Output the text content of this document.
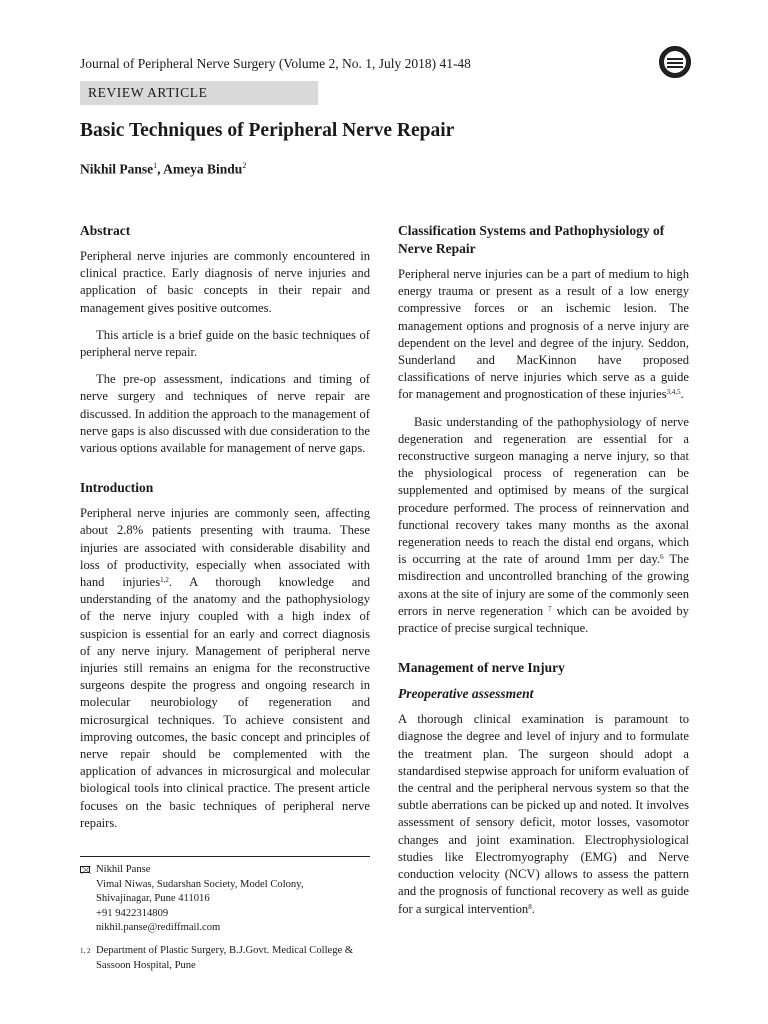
Journal of Peripheral Nerve Surgery (Volume 2, No. 1, July 2018) 41-48
REVIEW ARTICLE
Basic Techniques of Peripheral Nerve Repair
Nikhil Panse$^1$, Ameya Bindu$^2$
Abstract

Peripheral nerve injuries are commonly encountered in clinical practice. Early diagnosis of nerve injuries and application of basic concepts in their repair and management gives positive outcomes.

This article is a brief guide on the basic techniques of peripheral nerve repair.

The pre-op assessment, indications and timing of nerve surgery and techniques of nerve repair are discussed. In addition the approach to the management of nerve gaps is also discussed with due consideration to the various options available for management of nerve gaps.

Introduction

Peripheral nerve injuries are commonly seen, affecting about 2.8% patients presenting with trauma. These injuries are associated with considerable disability and loss of productivity, especially when associated with hand injuries$^{1,2}$. A thorough knowledge and understanding of the anatomy and the pathophysiology of the nerve injury coupled with a high index of suspicion is essential for an early and correct diagnosis of any nerve injury. Management of peripheral nerve injuries still remains an enigma for the reconstructive surgeons despite the progress and ongoing research in molecular neurobiology of regeneration and microsurgical techniques. To achieve consistent and improving outcomes, the basic concept and principles of nerve repair should be complemented with the application of advances in microsurgical and molecular biological tools into clinical practice. The present article focuses on the basic techniques of peripheral nerve repairs.

Nikhil Panse
Vimal Niwas, Sudarshan Society, Model Colony,
Shivajinagar, Pune 411016
+91 9422314809
nikhil.panse@rediffmail.com
$^{1, 2}$ Department of Plastic Surgery, B.J.Govt. Medical College &
Sassoon Hospital, Pune
Classification Systems and Pathophysiology of Nerve Repair

Peripheral nerve injuries can be a part of medium to high energy trauma or present as a result of a low energy compressive forces or an ischemic lesion. The management options and prognosis of a nerve injury are dependent on the level and degree of the injury. Seddon, Sunderland and MacKinnon have proposed classifications of nerve injuries which serve as a guide for management and prognostication of these injuries$^{3,4,5}$.

Basic understanding of the pathophysiology of nerve degeneration and regeneration are essential for a reconstructive surgeon managing a nerve injury, so that the physiological process of regeneration can be supplemented and optimised by means of the surgical procedure performed. The process of reinnervation and functional recovery takes many months as the axonal regeneration needs to reach the distal end organs, which is occurring at the rate of around 1mm per day.$^6$ The misdirection and uncontrolled branching of the growing axons at the site of injury are some of the commonly seen errors in nerve regeneration $^7$ which can be avoided by practice of precise surgical technique.

Management of nerve Injury
Preoperative assessment

A thorough clinical examination is paramount to diagnose the degree and level of injury and to formulate the treatment plan. The surgeon should adopt a standardised stepwise approach for uniform evaluation of the central and the peripheral nervous system so that the subtle aberrations can be picked up and noted. It involves assessment of sensory deficit, motor losses, vasomotor changes and joint examination. Electrophysiological studies like Electromyography (EMG) and Nerve conduction velocity (NCV) allows to assess the pattern and the prognosis of functional recovery as well as guide for a surgical intervention$^8$.
